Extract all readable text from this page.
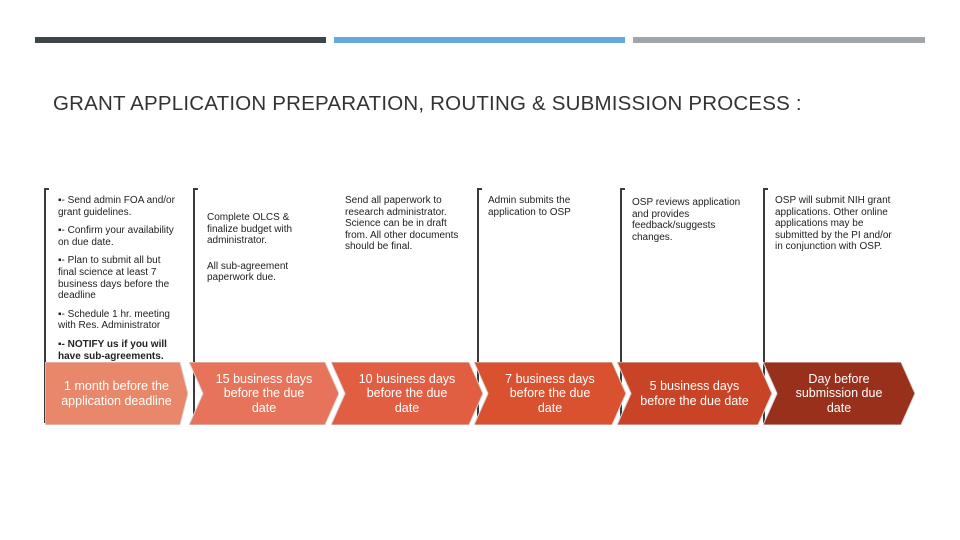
GRANT APPLICATION PREPARATION, ROUTING & SUBMISSION PROCESS :

▪- Send admin FOA and/or grant guidelines.

▪- Confirm your availability on due date.

▪- Plan to submit all but final science at least 7 business days before the deadline

▪- Schedule 1 hr. meeting with Res. Administrator

▪- NOTIFY us if you will have sub-agreements.

Complete OLCS & finalize budget with administrator.

All sub-agreement paperwork due.

Send all paperwork to research administrator. Science can be in draft from. All other documents should be final.

Admin submits the application to OSP

OSP reviews application and provides feedback/suggests changes.

OSP will submit NIH grant applications. Other online applications may be submitted by the PI and/or in conjunction with OSP.

1 month before the application deadline
15 business days before the due date
10 business days before the due date
7 business days before the due date
5 business days before the due date
Day before submission due date
